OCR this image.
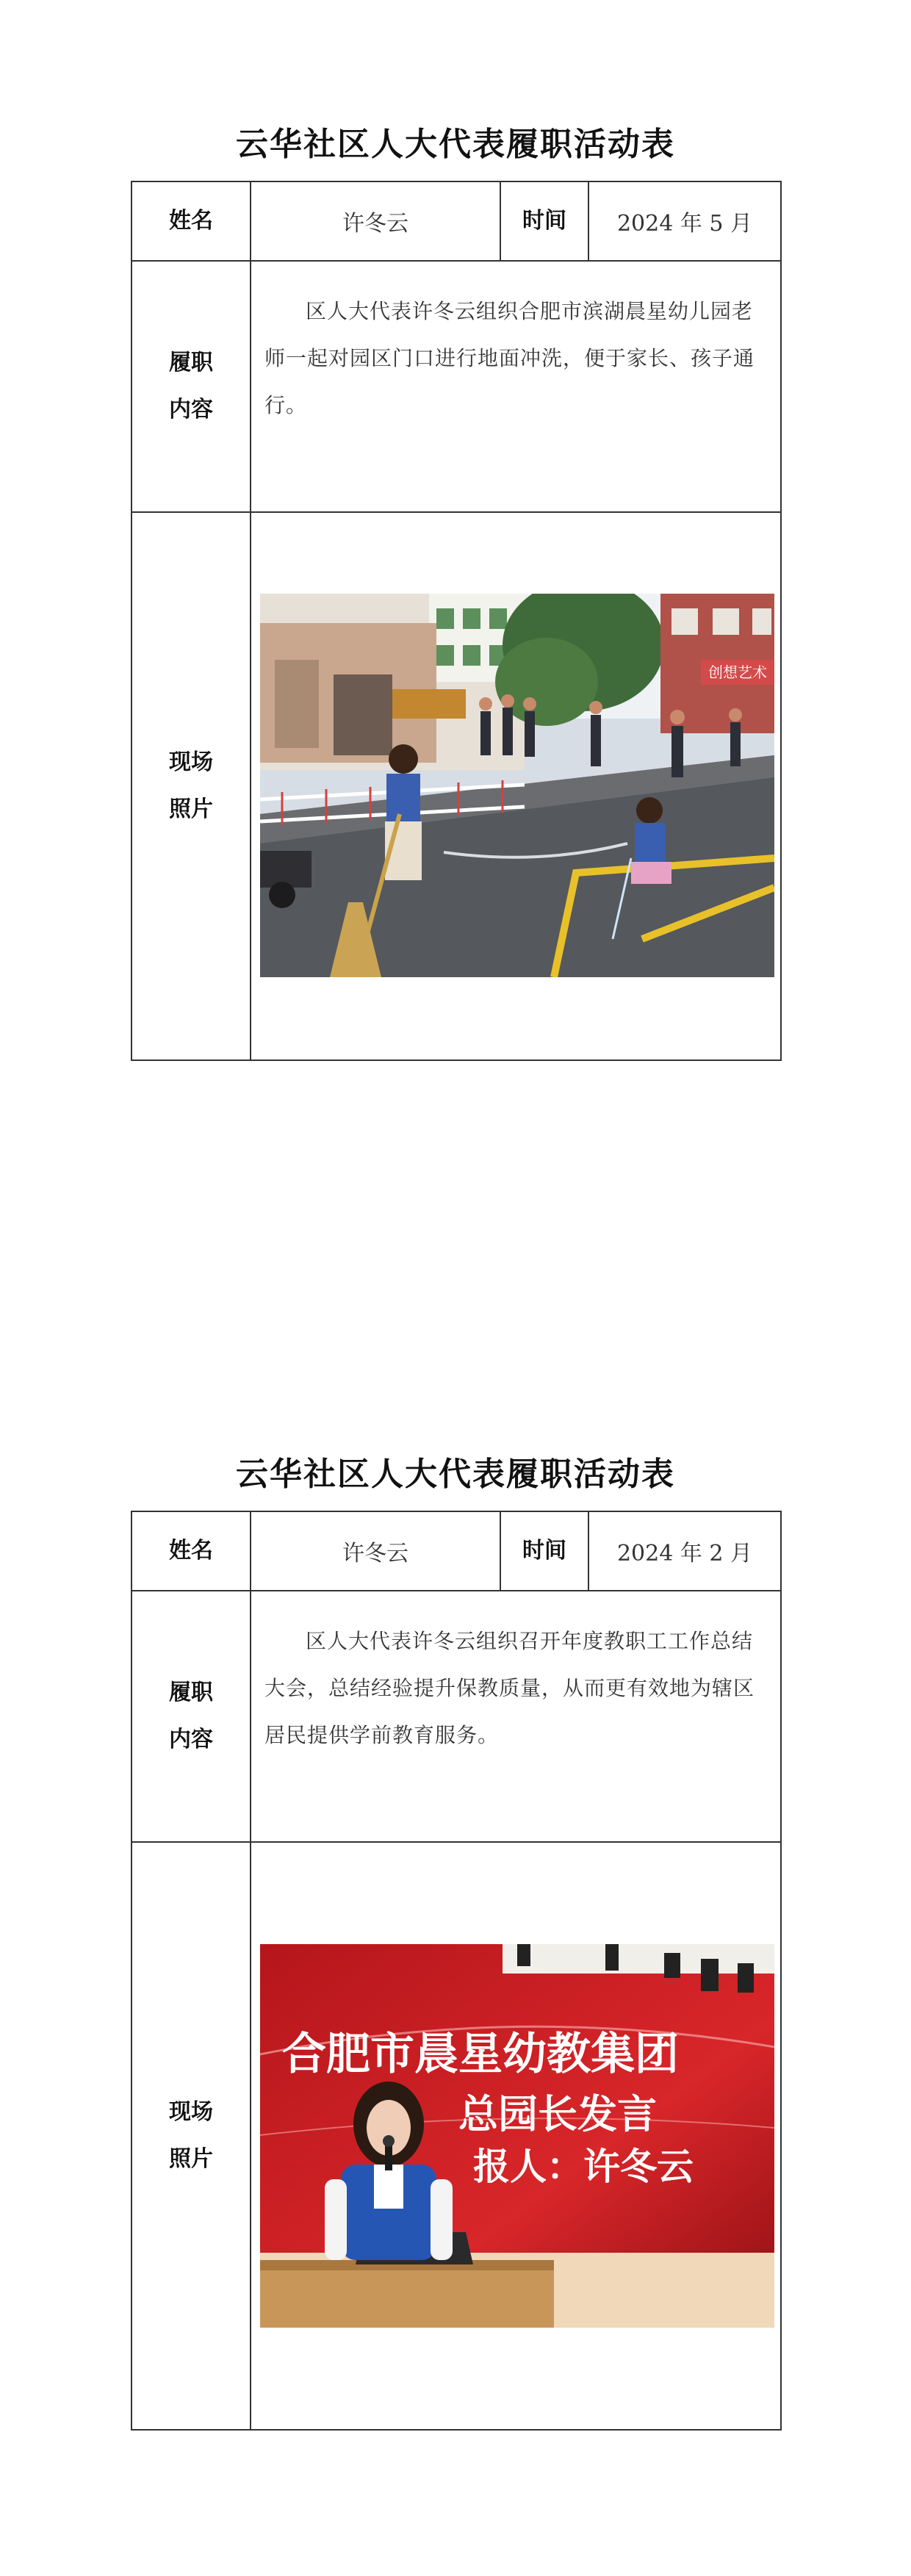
云华社区人大代表履职活动表
姓名	许冬云	时间	2024 年 5 月
履职
内容	区人大代表许冬云组织合肥市滨湖晨星幼儿园老师一起对园区门口进行地面冲洗，便于家长、孩子通行。		
现场
照片	创想艺术		
云华社区人大代表履职活动表
姓名	许冬云	时间	2024 年 2 月
履职
内容	区人大代表许冬云组织召开年度教职工工作总结大会，总结经验提升保教质量，从而更有效地为辖区居民提供学前教育服务。		
现场
照片	合肥市晨星幼教集团
总园长发言
报人：许冬云		
